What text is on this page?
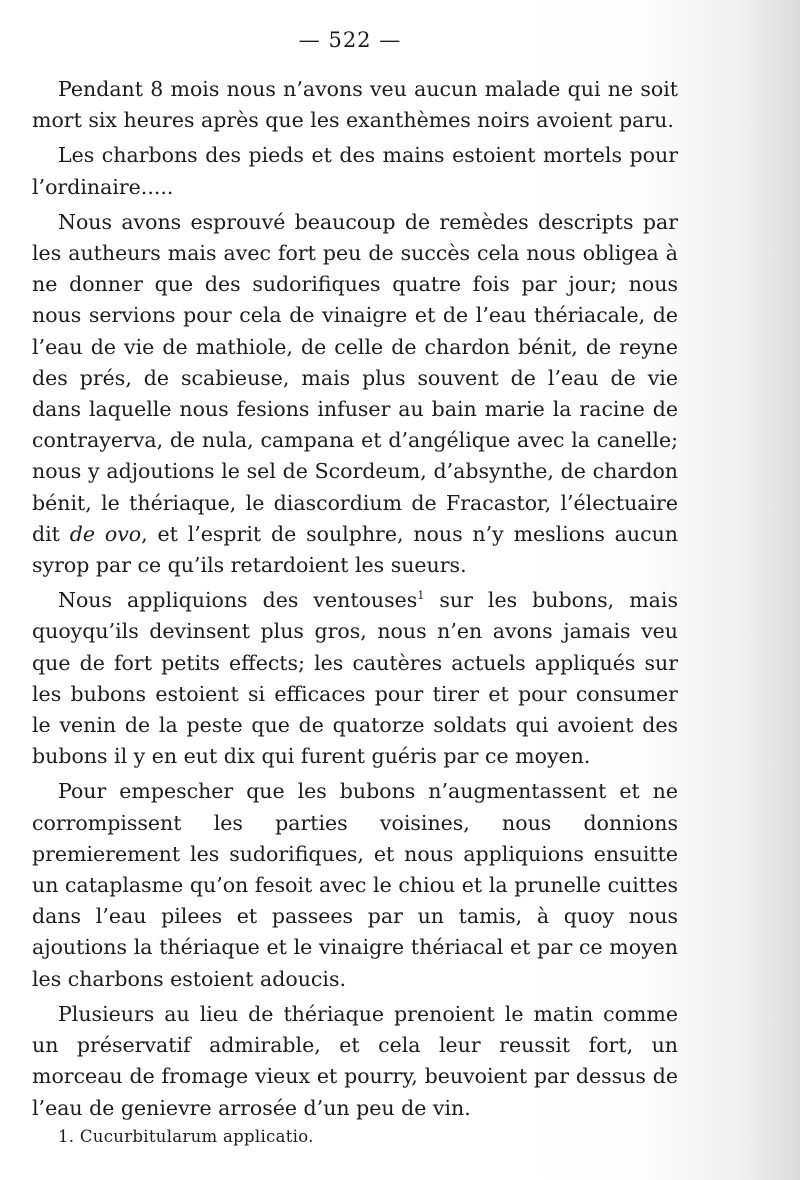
— 522 —

Pendant 8 mois nous n’avons veu aucun malade qui ne soit mort six heures après que les exanthèmes noirs avoient paru.

Les charbons des pieds et des mains estoient mortels pour l’ordinaire.....

Nous avons esprouvé beaucoup de remèdes descripts par les autheurs mais avec fort peu de succès cela nous obligea à ne donner que des sudorifiques quatre fois par jour; nous nous servions pour cela de vinaigre et de l’eau thériacale, de l’eau de vie de mathiole, de celle de chardon bénit, de reyne des prés, de scabieuse, mais plus souvent de l’eau de vie dans laquelle nous fesions infuser au bain marie la racine de contrayerva, de nula, campana et d’angélique avec la canelle; nous y adjoutions le sel de Scordeum, d’absynthe, de chardon bénit, le thériaque, le diascordium de Fracastor, l’électuaire dit de ovo, et l’esprit de soulphre, nous n’y meslions aucun syrop par ce qu’ils retardoient les sueurs.

Nous appliquions des ventouses$^1$ sur les bubons, mais quoyqu’ils devinsent plus gros, nous n’en avons jamais veu que de fort petits effects; les cautères actuels appliqués sur les bubons estoient si efficaces pour tirer et pour consumer le venin de la peste que de quatorze soldats qui avoient des bubons il y en eut dix qui furent guéris par ce moyen.

Pour empescher que les bubons n’augmentassent et ne corrompissent les parties voisines, nous donnions premierement les sudorifiques, et nous appliquions ensuitte un cataplasme qu’on fesoit avec le chiou et la prunelle cuittes dans l’eau pilees et passees par un tamis, à quoy nous ajoutions la thériaque et le vinaigre thériacal et par ce moyen les charbons estoient adoucis.

Plusieurs au lieu de thériaque prenoient le matin comme un préservatif admirable, et cela leur reussit fort, un morceau de fromage vieux et pourry, beuvoient par dessus de l’eau de genievre arrosée d’un peu de vin.

1. Cucurbitularum applicatio.
